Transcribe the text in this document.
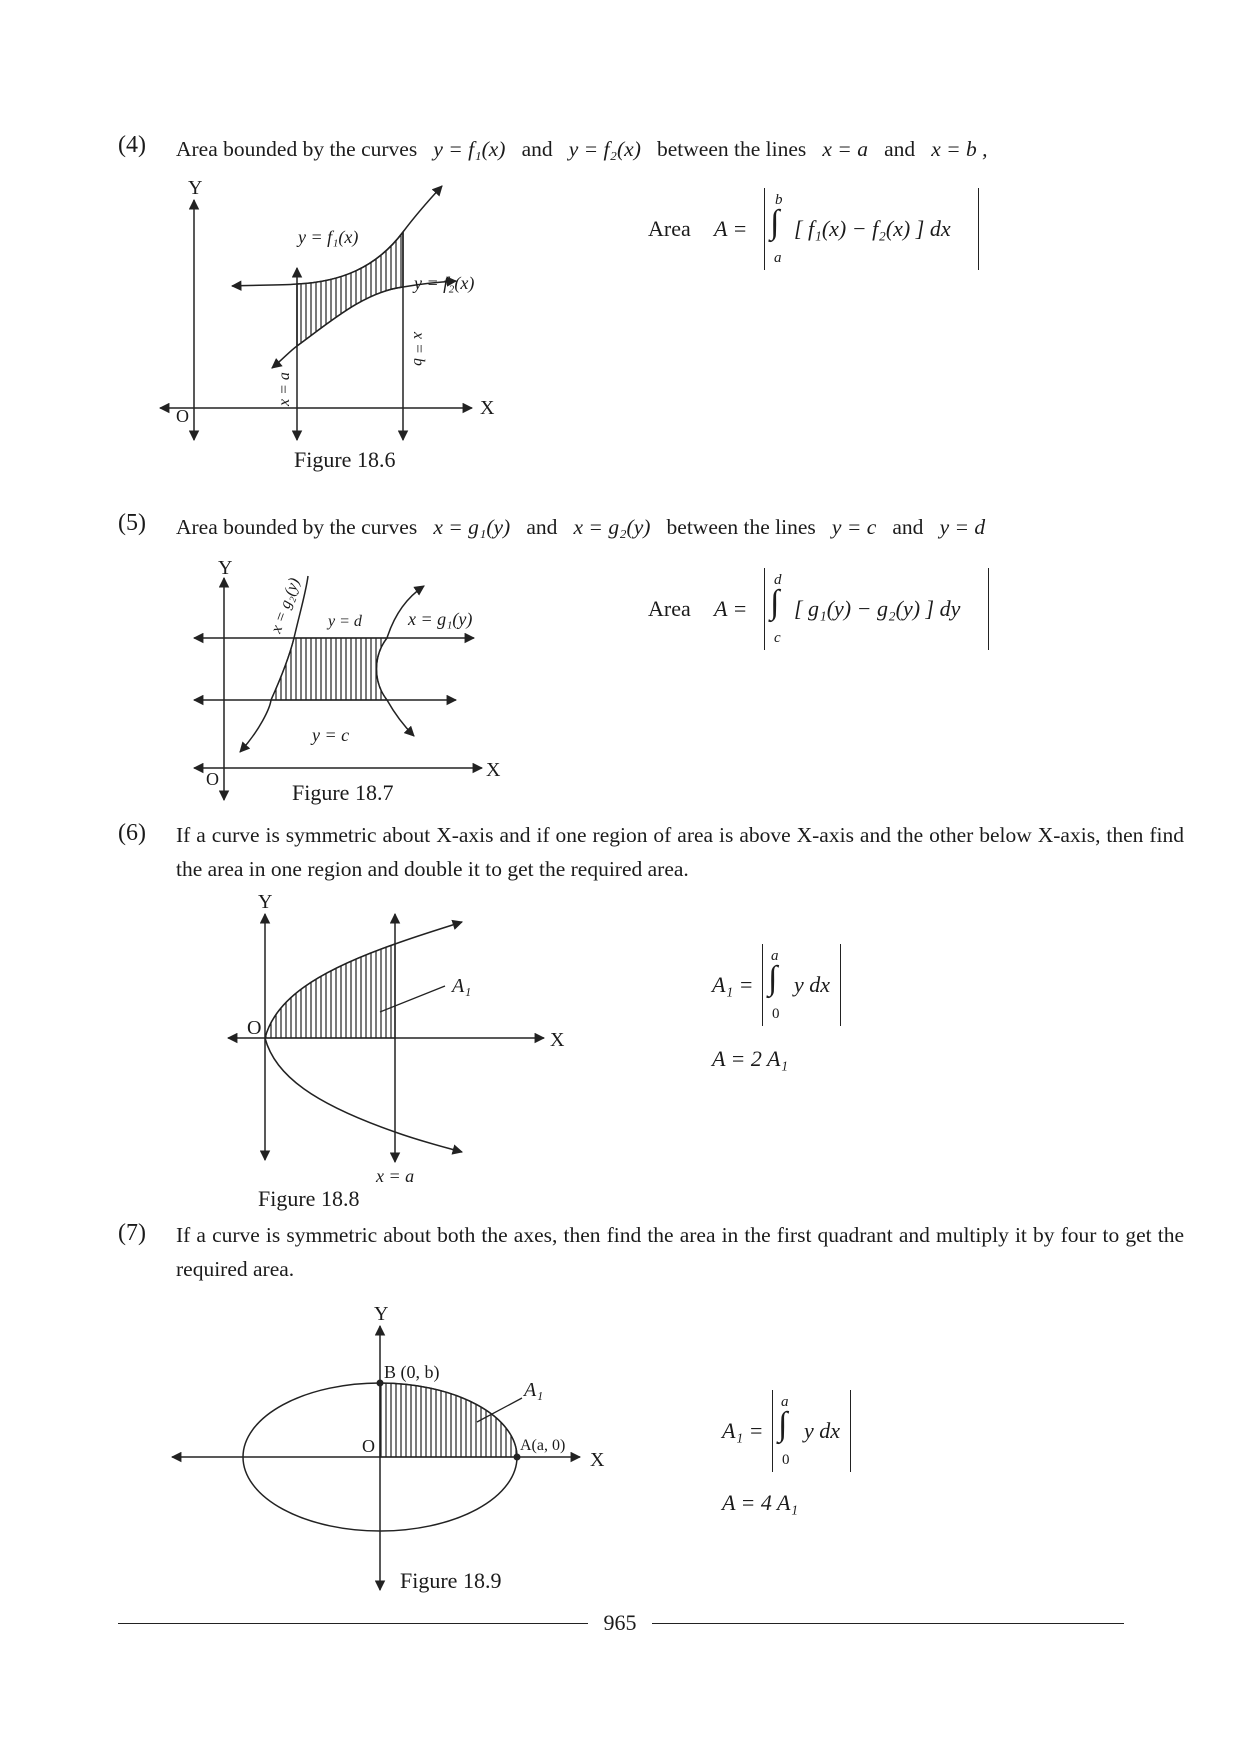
(4) Area bounded by the curves y = f₁(x) and y = f₂(x) between the lines x = a and x = b ,
Y
X
O
y = f₁(x)
y = f₂(x)
x = a
x = b
Figure 18.6
Area A =
b
∫
a
[ f₁(x) − f₂(x) ] dx
(5) Area bounded by the curves x = g₁(y) and x = g₂(y) between the lines y = c and y = d
Y
X
O
x = g₂(y)	x = g₁(y)
y = d
y = c
Figure 18.7
Area A =
d
∫
c
[ g₁(y) − g₂(y) ] dy
(6) If a curve is symmetric about X-axis and if one region of area is above X-axis and the other below X-axis, then find the area in one region and double it to get the required area.
Y
X
O
A₁
x = a
Figure 18.8
A₁ =
a
∫
0
y dx
A = 2 A₁
(7) If a curve is symmetric about both the axes, then find the area in the first quadrant and multiply it by four to get the required area.
Y
X
O
B (0, b)
A(a, 0)
A₁
Figure 18.9
A₁ =
a
∫
0
y dx
A = 4 A₁
965
